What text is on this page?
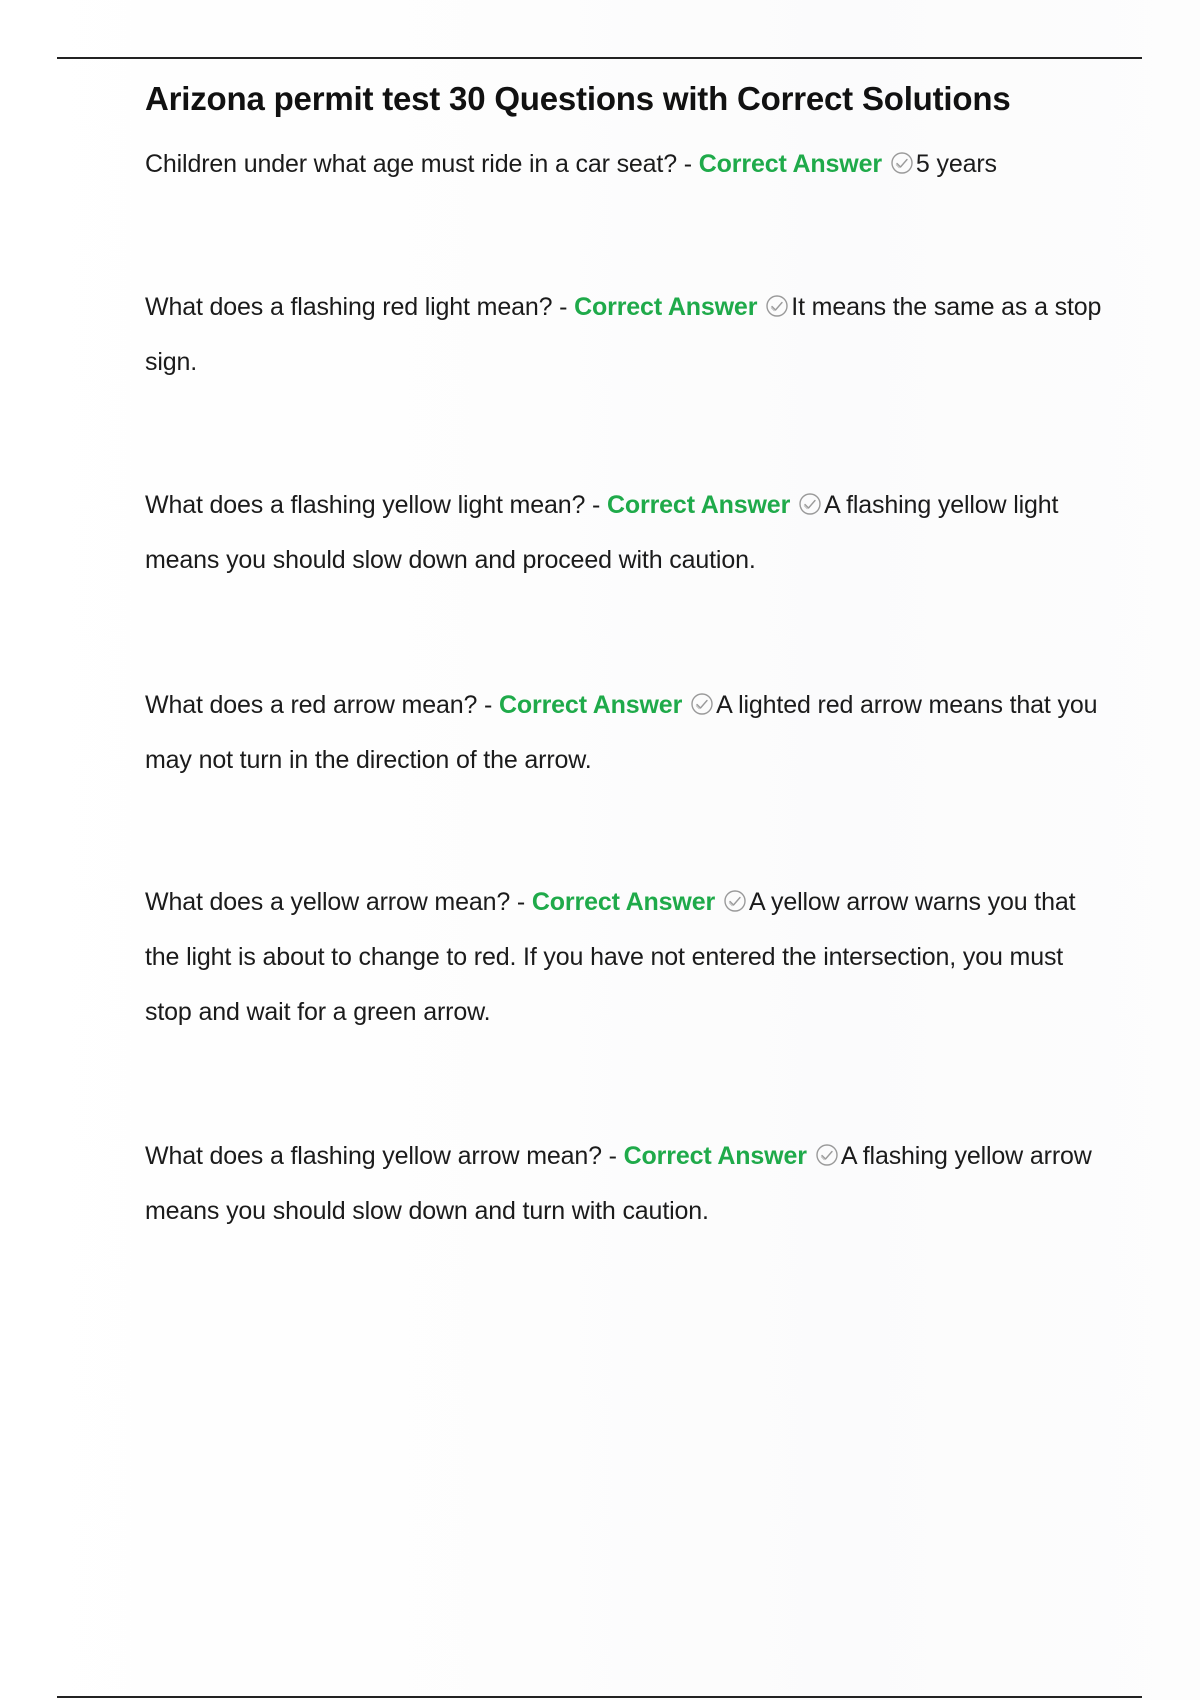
Arizona permit test 30 Questions with Correct Solutions

Children under what age must ride in a car seat? - Correct Answer 5 years

What does a flashing red light mean? - Correct Answer It means the same as a stop sign.

What does a flashing yellow light mean? - Correct Answer A flashing yellow light means you should slow down and proceed with caution.

What does a red arrow mean? - Correct Answer A lighted red arrow means that you may not turn in the direction of the arrow.

What does a yellow arrow mean? - Correct Answer A yellow arrow warns you that the light is about to change to red. If you have not entered the intersection, you must stop and wait for a green arrow.

What does a flashing yellow arrow mean? - Correct Answer A flashing yellow arrow means you should slow down and turn with caution.
